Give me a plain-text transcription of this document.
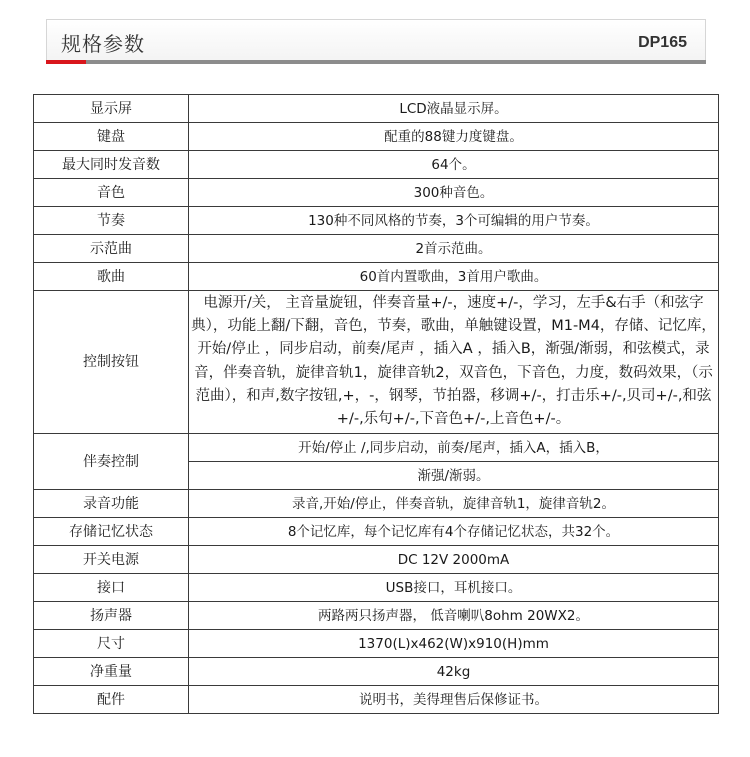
规格参数	DP165
显示屏	LCD液晶显示屏。
键盘	配重的88键力度键盘。
最大同时发音数	64个。
音色	300种音色。
节奏	130种不同风格的节奏，3个可编辑的用户节奏。
示范曲	2首示范曲。
歌曲	60首内置歌曲，3首用户歌曲。
控制按钮	电源开/关， 主音量旋钮，伴奏音量+/-，速度+/-，学习，左手&右手（和弦字典），功能上翻/下翻，音色，节奏，歌曲，单触键设置，M1-M4，存储、记忆库，开始/停止 ，同步启动，前奏/尾声 ，插入A ，插入B，渐强/渐弱，和弦模式，录音，伴奏音轨，旋律音轨1，旋律音轨2，双音色，下音色，力度，数码效果，（示范曲），和声,数字按钮,+，-，钢琴，节拍器，移调+/-，打击乐+/-,贝司+/-,和弦+/-,乐句+/-,下音色+/-,上音色+/-。
伴奏控制	开始/停止 /,同步启动，前奏/尾声，插入A，插入B，
	渐强/渐弱。
录音功能	录音,开始/停止，伴奏音轨，旋律音轨1，旋律音轨2。
存储记忆状态	8个记忆库，每个记忆库有4个存储记忆状态，共32个。
开关电源	DC 12V 2000mA
接口	USB接口，耳机接口。
扬声器	两路两只扬声器， 低音喇叭8ohm 20WX2。
尺寸	1370(L)x462(W)x910(H)mm
净重量	42kg
配件	说明书，美得理售后保修证书。
